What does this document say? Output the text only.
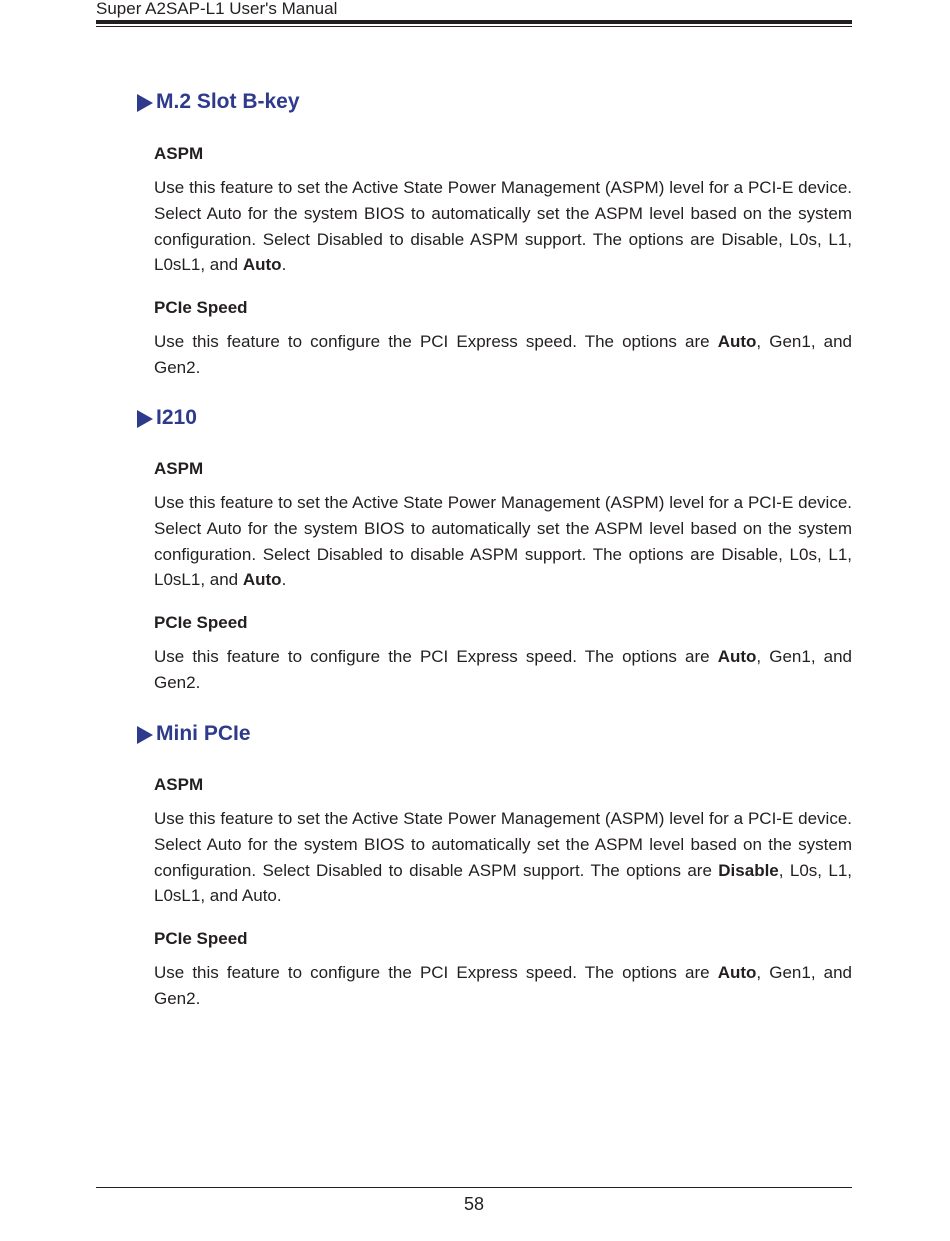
Super A2SAP-L1 User's Manual
M.2 Slot B-key

ASPM

Use this feature to set the Active State Power Management (ASPM) level for a PCI-E device. Select Auto for the system BIOS to automatically set the ASPM level based on the system configuration. Select Disabled to disable ASPM support. The options are Disable, L0s, L1, L0sL1, and Auto.

PCIe Speed

Use this feature to configure the PCI Express speed. The options are Auto, Gen1, and Gen2.

I210

ASPM

Use this feature to set the Active State Power Management (ASPM) level for a PCI-E device. Select Auto for the system BIOS to automatically set the ASPM level based on the system configuration. Select Disabled to disable ASPM support. The options are Disable, L0s, L1, L0sL1, and Auto.

PCIe Speed

Use this feature to configure the PCI Express speed. The options are Auto, Gen1, and Gen2.

Mini PCIe

ASPM

Use this feature to set the Active State Power Management (ASPM) level for a PCI-E device. Select Auto for the system BIOS to automatically set the ASPM level based on the system configuration. Select Disabled to disable ASPM support. The options are Disable, L0s, L1, L0sL1, and Auto.

PCIe Speed

Use this feature to configure the PCI Express speed. The options are Auto, Gen1, and Gen2.

58
